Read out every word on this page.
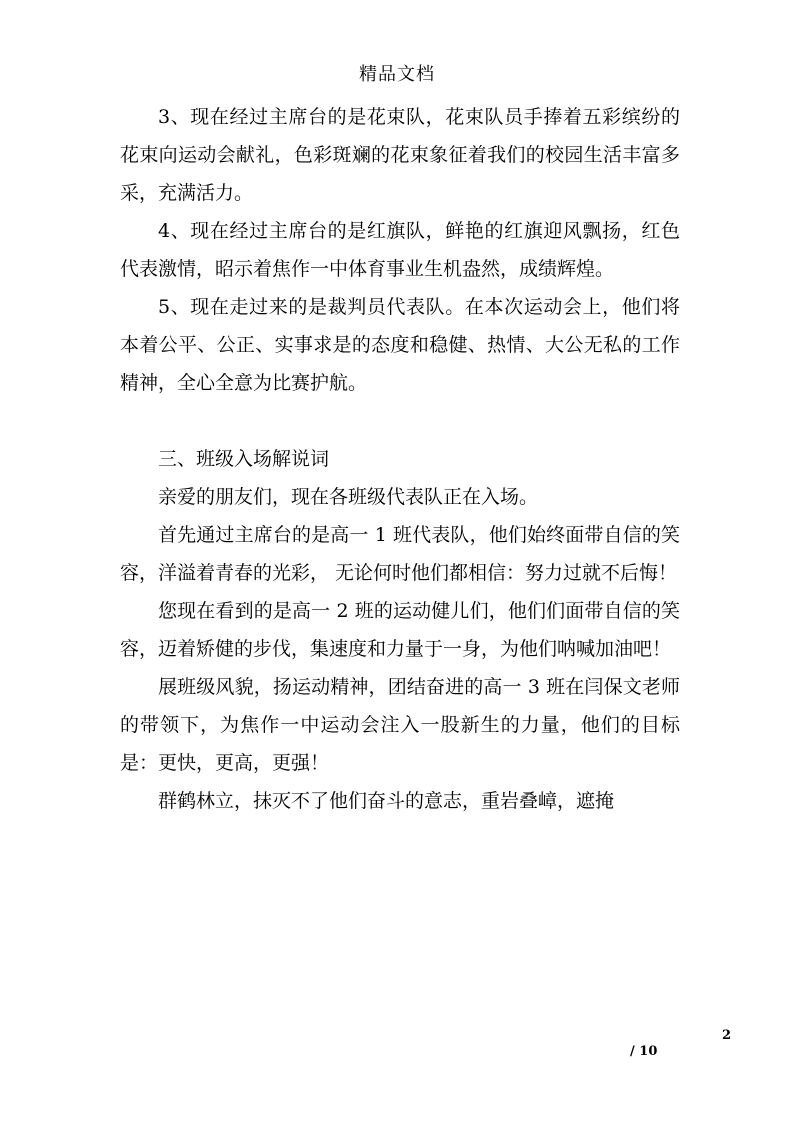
精品文档

3、现在经过主席台的是花束队，花束队员手捧着五彩缤纷的花束向运动会献礼，色彩斑斓的花束象征着我们的校园生活丰富多采，充满活力。

4、现在经过主席台的是红旗队，鲜艳的红旗迎风飘扬，红色代表激情，昭示着焦作一中体育事业生机盎然，成绩辉煌。

5、现在走过来的是裁判员代表队。在本次运动会上，他们将本着公平、公正、实事求是的态度和稳健、热情、大公无私的工作精神，全心全意为比赛护航。

三、班级入场解说词

亲爱的朋友们，现在各班级代表队正在入场。

首先通过主席台的是高一 1 班代表队，他们始终面带自信的笑容，洋溢着青春的光彩， 无论何时他们都相信：努力过就不后悔！

您现在看到的是高一 2 班的运动健儿们，他们们面带自信的笑容，迈着矫健的步伐，集速度和力量于一身，为他们呐喊加油吧！

展班级风貌，扬运动精神，团结奋进的高一 3 班在闫保文老师的带领下，为焦作一中运动会注入一股新生的力量，他们的目标是：更快，更高，更强！

群鹤林立，抹灭不了他们奋斗的意志，重岩叠嶂，遮掩

2
/ 10
